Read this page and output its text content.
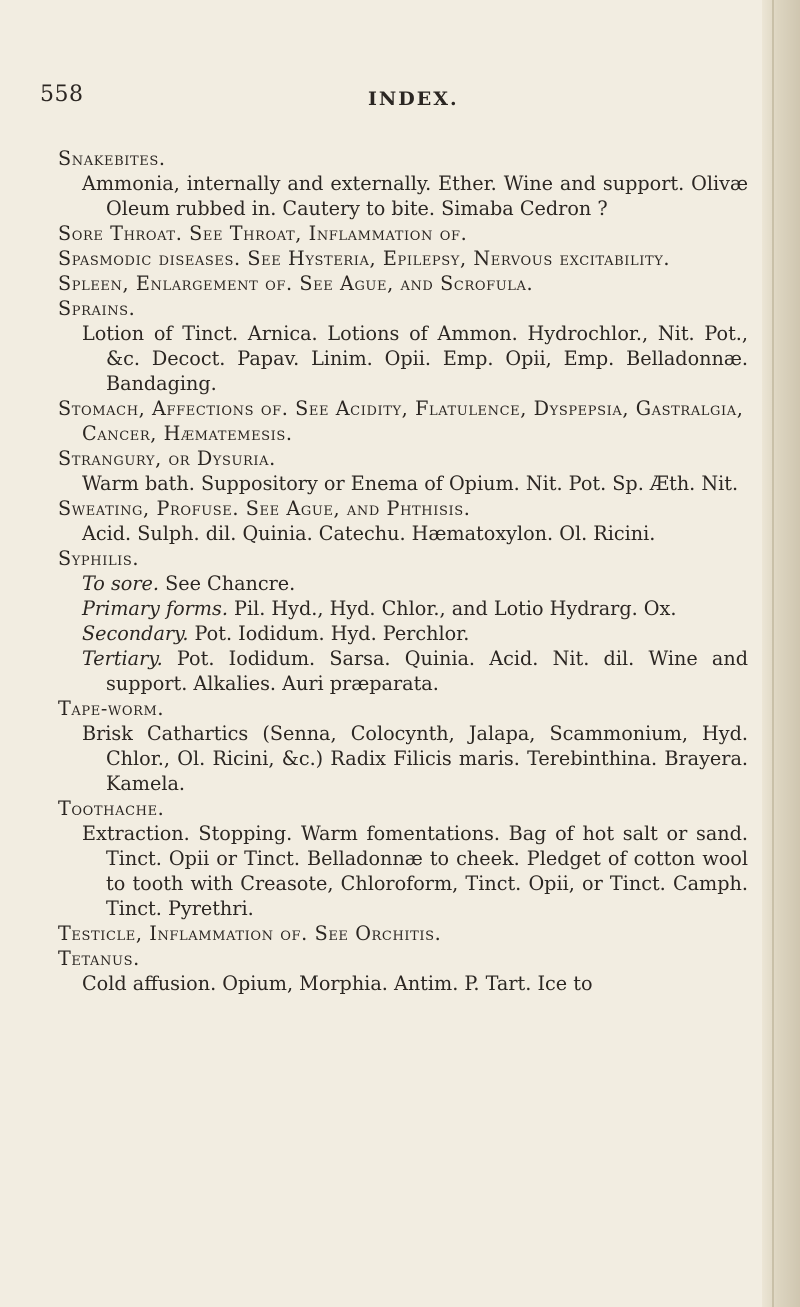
558	INDEX.

Snakebites.

Ammonia, internally and externally. Ether. Wine and support. Olivæ Oleum rubbed in. Cautery to bite. Simaba Cedron ?

Sore Throat. See Throat, Inflammation of.

Spasmodic diseases. See Hysteria, Epilepsy, Nervous excitability.

Spleen, Enlargement of. See Ague, and Scrofula.

Sprains.

Lotion of Tinct. Arnica. Lotions of Ammon. Hydrochlor., Nit. Pot., &c. Decoct. Papav. Linim. Opii. Emp. Opii, Emp. Belladonnæ. Bandaging.

Stomach, Affections of. See Acidity, Flatulence, Dyspepsia, Gastralgia, Cancer, Hæmatemesis.

Strangury, or Dysuria.

Warm bath. Suppository or Enema of Opium. Nit. Pot. Sp. Æth. Nit.

Sweating, Profuse. See Ague, and Phthisis.

Acid. Sulph. dil. Quinia. Catechu. Hæmatoxylon. Ol. Ricini.

Syphilis.

To sore. See Chancre.

Primary forms. Pil. Hyd., Hyd. Chlor., and Lotio Hydrarg. Ox.

Secondary. Pot. Iodidum. Hyd. Perchlor.

Tertiary. Pot. Iodidum. Sarsa. Quinia. Acid. Nit. dil. Wine and support. Alkalies. Auri præparata.

Tape-worm.

Brisk Cathartics (Senna, Colocynth, Jalapa, Scammonium, Hyd. Chlor., Ol. Ricini, &c.) Radix Filicis maris. Terebinthina. Brayera. Kamela.

Toothache.

Extraction. Stopping. Warm fomentations. Bag of hot salt or sand. Tinct. Opii or Tinct. Belladonnæ to cheek. Pledget of cotton wool to tooth with Creasote, Chloroform, Tinct. Opii, or Tinct. Camph. Tinct. Pyrethri.

Testicle, Inflammation of. See Orchitis.

Tetanus.

Cold affusion. Opium, Morphia. Antim. P. Tart. Ice to
